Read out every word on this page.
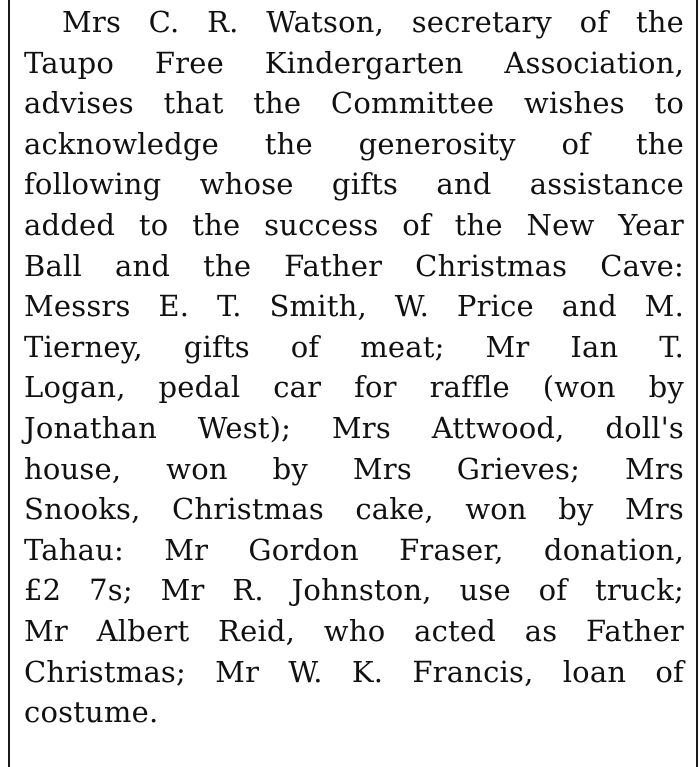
Mrs C. R. Watson, secretary of the
Taupo Free Kindergarten Association,
advises that the Committee wishes to
acknowledge the generosity of the
following whose gifts and assistance
added to the success of the New Year
Ball and the Father Christmas Cave:
Messrs E. T. Smith, W. Price and M.
Tierney, gifts of meat; Mr Ian T.
Logan, pedal car for raffle (won by
Jonathan West); Mrs Attwood, doll's
house, won by Mrs Grieves; Mrs
Snooks, Christmas cake, won by Mrs
Tahau: Mr Gordon Fraser, donation,
£2 7s; Mr R. Johnston, use of truck;
Mr Albert Reid, who acted as Father
Christmas; Mr W. K. Francis, loan of
costume.
